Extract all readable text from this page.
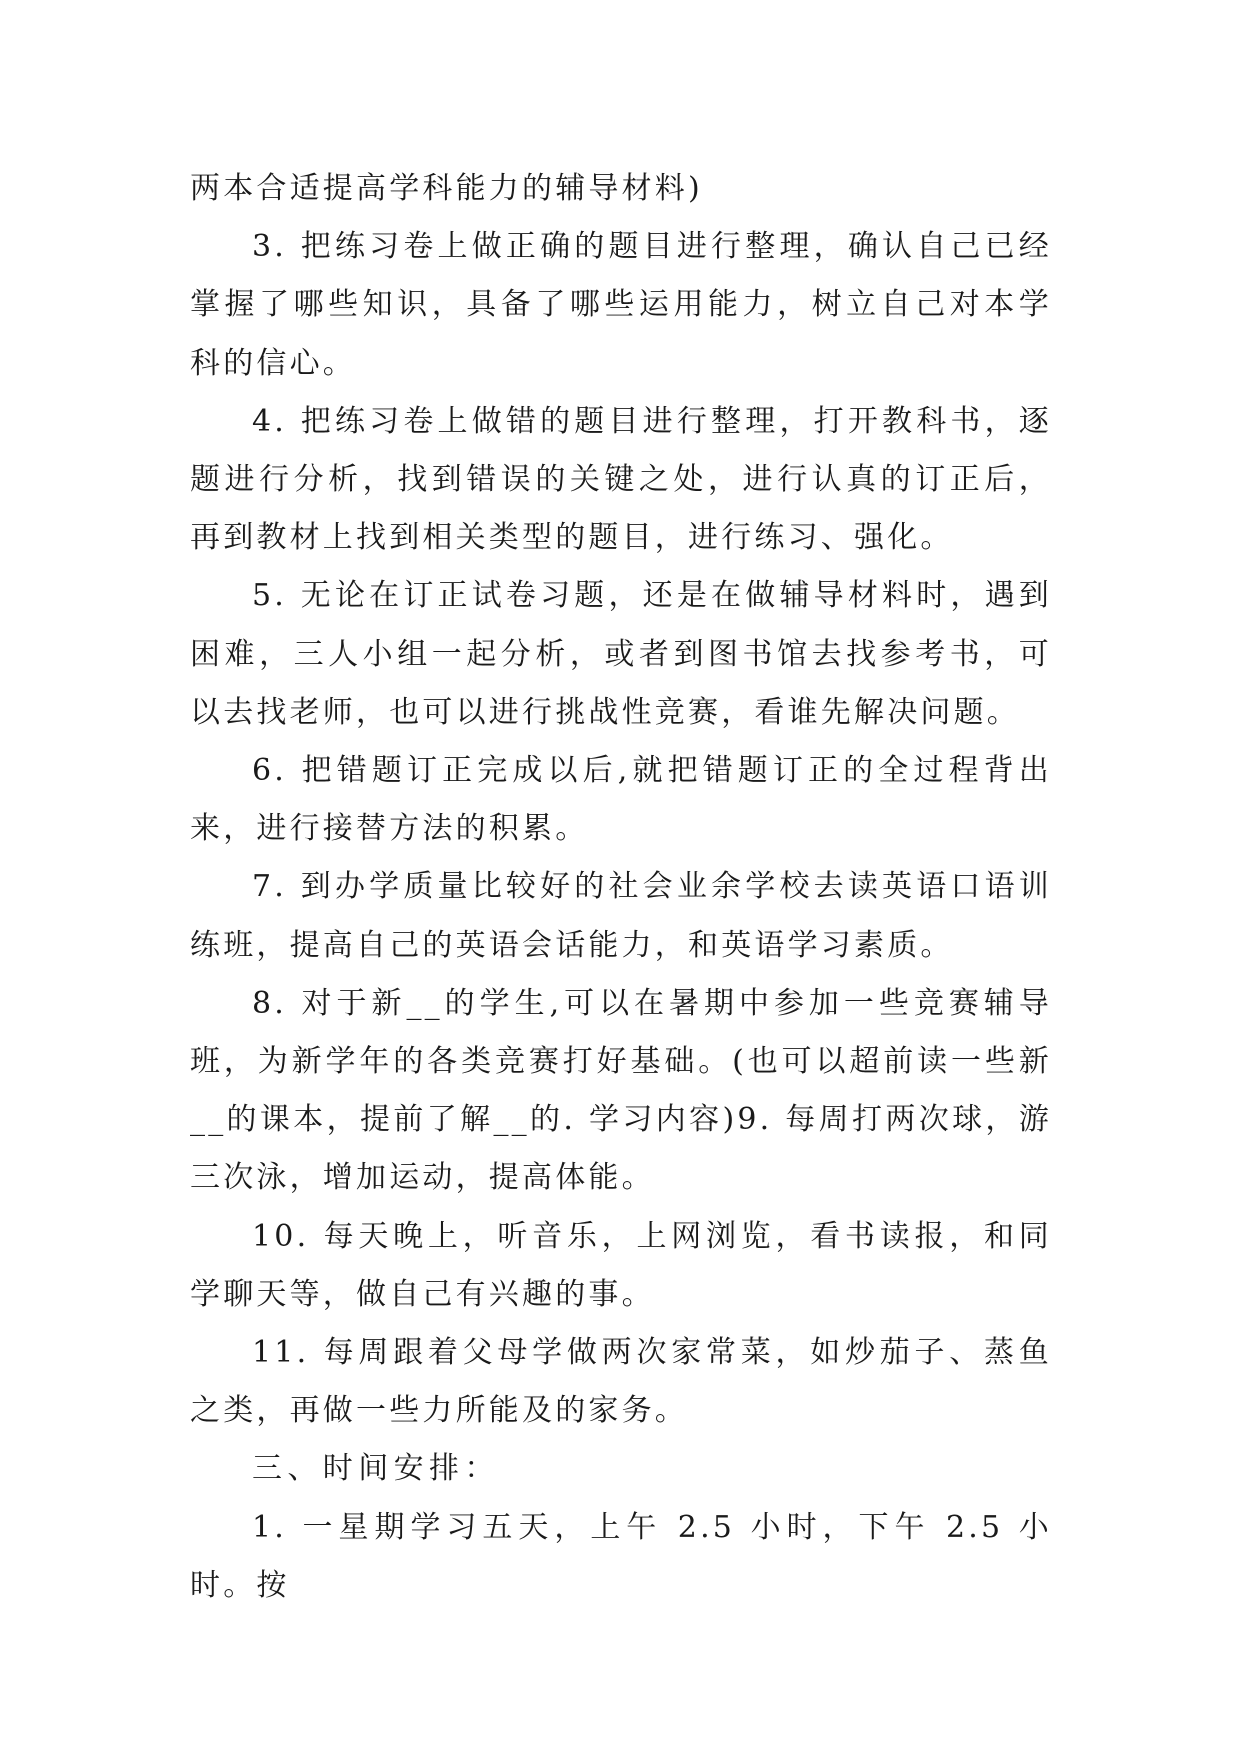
两本合适提高学科能力的辅导材料)

3. 把练习卷上做正确的题目进行整理，确认自己已经掌握了哪些知识，具备了哪些运用能力，树立自己对本学科的信心。

4. 把练习卷上做错的题目进行整理，打开教科书，逐题进行分析，找到错误的关键之处，进行认真的订正后，再到教材上找到相关类型的题目，进行练习、强化。

5. 无论在订正试卷习题，还是在做辅导材料时，遇到困难，三人小组一起分析，或者到图书馆去找参考书，可以去找老师，也可以进行挑战性竞赛，看谁先解决问题。

6. 把错题订正完成以后,就把错题订正的全过程背出来，进行接替方法的积累。

7. 到办学质量比较好的社会业余学校去读英语口语训练班，提高自己的英语会话能力，和英语学习素质。

8. 对于新__的学生,可以在暑期中参加一些竞赛辅导班，为新学年的各类竞赛打好基础。(也可以超前读一些新__的课本，提前了解__的. 学习内容)9. 每周打两次球，游三次泳，增加运动，提高体能。

10. 每天晚上，听音乐，上网浏览，看书读报，和同学聊天等，做自己有兴趣的事。

11. 每周跟着父母学做两次家常菜，如炒茄子、蒸鱼之类，再做一些力所能及的家务。

三、时间安排：

1. 一星期学习五天，上午 2.5 小时，下午 2.5 小时。按
